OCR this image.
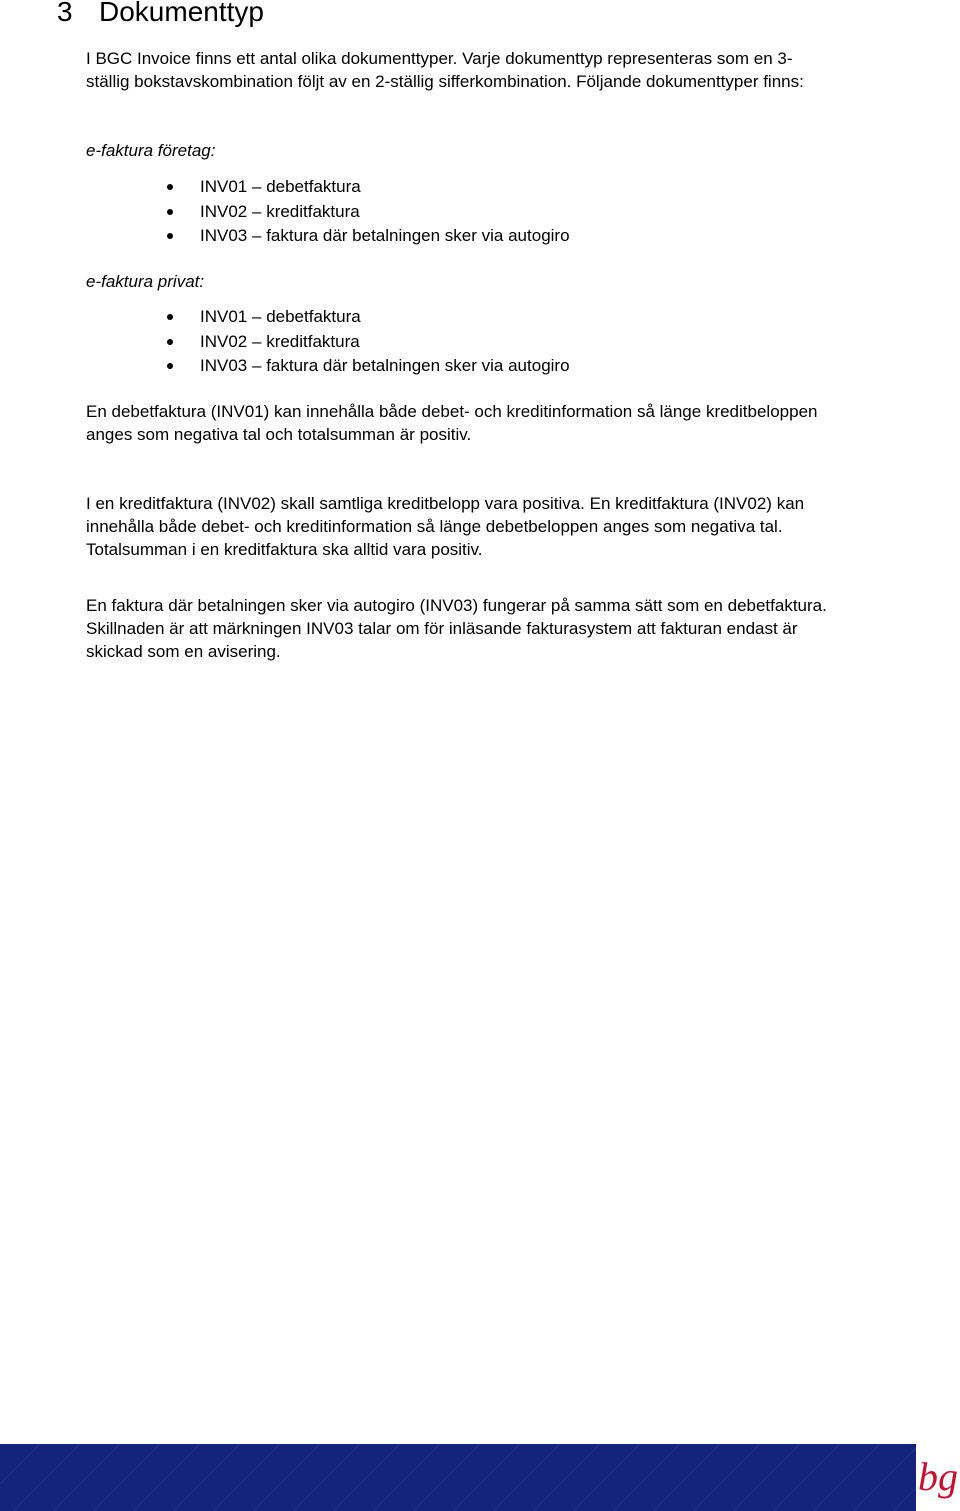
3 Dokumenttyp

I BGC Invoice finns ett antal olika dokumenttyper. Varje dokumenttyp representeras som en 3-
ställig bokstavskombination följt av en 2-ställig sifferkombination. Följande dokumenttyper finns:

e-faktura företag:
INV01 – debetfaktura
INV02 – kreditfaktura
INV03 – faktura där betalningen sker via autogiro
e-faktura privat:
INV01 – debetfaktura
INV02 – kreditfaktura
INV03 – faktura där betalningen sker via autogiro

En debetfaktura (INV01) kan innehålla både debet- och kreditinformation så länge kreditbeloppen
anges som negativa tal och totalsumman är positiv.

I en kreditfaktura (INV02) skall samtliga kreditbelopp vara positiva. En kreditfaktura (INV02) kan
innehålla både debet- och kreditinformation så länge debetbeloppen anges som negativa tal.
Totalsumman i en kreditfaktura ska alltid vara positiv.

En faktura där betalningen sker via autogiro (INV03) fungerar på samma sätt som en debetfaktura.
Skillnaden är att märkningen INV03 talar om för inläsande fakturasystem att fakturan endast är
skickad som en avisering.

bg
